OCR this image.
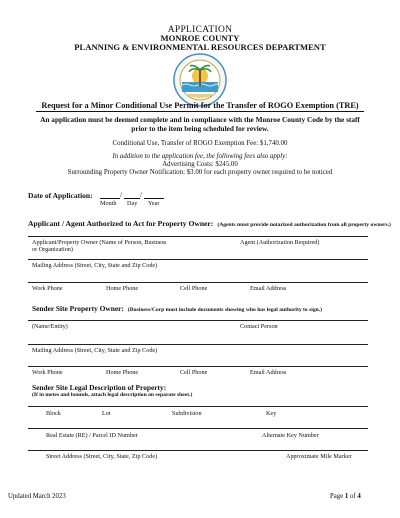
APPLICATION
MONROE COUNTY
PLANNING & ENVIRONMENTAL RESOURCES DEPARTMENT
Request for a Minor Conditional Use Permit for the Transfer of ROGO Exemption (TRE)
An application must be deemed complete and in compliance with the Monroe County Code by the staff
prior to the item being scheduled for review.
Conditional Use, Transfer of ROGO Exemption Fee: $1,740.00
In addition to the application fee, the following fees also apply:
Advertising Costs: $245.00
Surrounding Property Owner Notification: $3.00 for each property owner required to be noticed
Date of Application:	/ /
Month Day Year
Applicant / Agent Authorized to Act for Property Owner: (Agents must provide notarized authorization from all property owners.)
Applicant/Property Owner (Name of Person, Business
or Organization)
Agent (Authorization Required)
Mailing Address (Street, City, State and Zip Code)
Work Phone	Home Phone	Cell Phone	Email Address
Sender Site Property Owner: (Business/Corp must include documents showing who has legal authority to sign.)
(Name/Entity)	Contact Person
Mailing Address (Street, City, State and Zip Code)
Work Phone	Home Phone	Cell Phone	Email Address
Sender Site Legal Description of Property:
(If in metes and bounds, attach legal description on separate sheet.)
Block	Lot	Subdivision	Key
Real Estate (RE) / Parcel ID Number	Alternate Key Number
Street Address (Street, City, State, Zip Code)	Approximate Mile Marker
Updated March 2023	Page 1 of 4
